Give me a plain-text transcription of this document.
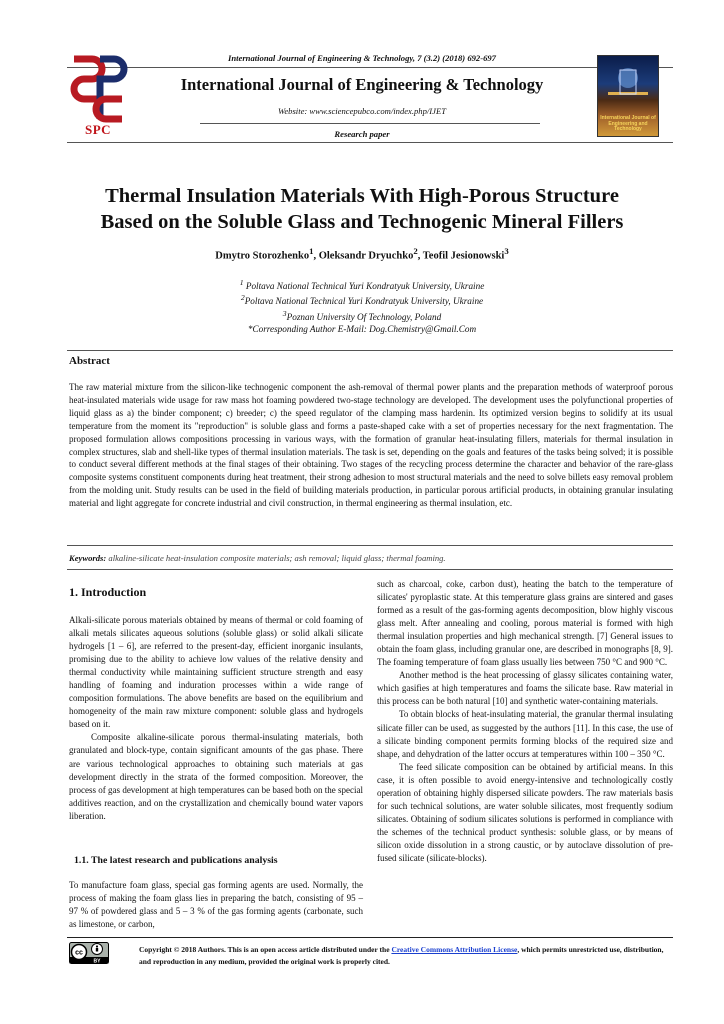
International Journal of Engineering & Technology, 7 (3.2) (2018) 692-697
International Journal of Engineering & Technology
Website: www.sciencepubco.com/index.php/IJET
Research paper
SPC
International Journal of Engineering and Technology
Thermal Insulation Materials With High-Porous Structure
Based on the Soluble Glass and Technogenic Mineral Fillers
Dmytro Storozhenko$^1$, Oleksandr Dryuchko$^2$, Teofil Jesionowski$^3$
$^1$ Poltava National Technical Yuri Kondratyuk University, Ukraine
$^2$Poltava National Technical Yuri Kondratyuk University, Ukraine
$^3$Poznan University Of Technology, Poland
*Corresponding Author E-Mail: Dog.Chemistry@Gmail.Com
Abstract
The raw material mixture from the silicon-like technogenic component the ash-removal of thermal power plants and the preparation methods of waterproof porous heat-insulated materials wide usage for raw mass hot foaming powdered two-stage technology are developed. The development uses the polyfunctional properties of liquid glass as a) the binder component; c) breeder; c) the speed regulator of the clamping mass hardenin. Its optimized version begins to solidify at its usual temperature from the moment its "reproduction" is soluble glass and forms a paste-shaped cake with a set of properties necessary for the next fragmentation. The proposed formulation allows compositions processing in various ways, with the formation of granular heat-insulating fillers, materials for thermal insulation in complex structures, slab and shell-like types of thermal insulation materials. The task is set, depending on the goals and features of the tasks being solved; it is possible to conduct several different methods at the final stages of their obtaining. Two stages of the recycling process determine the character and behavior of the rare-glass composite systems constituent components during heat treatment, their strong adhesion to most structural materials and the need to solve billets easy removal problem from the molding unit. Study results can be used in the field of building materials production, in particular porous artificial products, in obtaining granular insulating material and light aggregate for concrete industrial and civil construction, in thermal engineering as thermal insulation, etc.
Keywords: alkaline-silicate heat-insulation composite materials; ash removal; liquid glass; thermal foaming.
1. Introduction

Alkali-silicate porous materials obtained by means of thermal or cold foaming of alkali metals silicates aqueous solutions (soluble glass) or solid alkali silicate hydrogels [1 – 6], are referred to the present-day, efficient inorganic insulants, promising due to the ability to achieve low values of the relative density and thermal conductivity while maintaining sufficient structure strength and easy handling of foaming and induration processes within a wide range of composition formulations. The above benefits are based on the equilibrium and homogeneity of the main raw mixture component: soluble glass and hydrogels based on it.

Composite alkaline-silicate porous thermal-insulating materials, both granulated and block-type, contain significant amounts of the gas phase. There are various technological approaches to obtaining such materials at gas development directly in the strata of the formed composition. Moreover, the process of gas development at high temperatures can be based both on the special additives reaction, and on the crystallization and chemically bound water vapors liberation.

1.1. The latest research and publications analysis

To manufacture foam glass, special gas forming agents are used. Normally, the process of making the foam glass lies in preparing the batch, consisting of 95 – 97 % of powdered glass and 5 – 3 % of the gas forming agents (carbonate, such as limestone, or carbon,

such as charcoal, coke, carbon dust), heating the batch to the temperature of silicates' pyroplastic state. At this temperature glass grains are sintered and gases formed as a result of the gas-forming agents decomposition, blow highly viscous glass melt. After annealing and cooling, porous material is formed with high thermal insulation properties and high mechanical strength. [7] General issues to obtain the foam glass, including granular one, are described in monographs [8, 9]. The foaming temperature of foam glass usually lies between 750 °C and 900 °C.

Another method is the heat processing of glassy silicates containing water, which gasifies at high temperatures and foams the silicate base. Raw material in this process can be both natural [10] and synthetic water-containing materials.

To obtain blocks of heat-insulating material, the granular thermal insulating silicate filler can be used, as suggested by the authors [11]. In this case, the use of a silicate binding component permits forming blocks of the required size and shape, and dehydration of the latter occurs at temperatures within 100 – 350 °C.

The feed silicate composition can be obtained by artificial means. In this case, it is often possible to avoid energy-intensive and technologically costly operation of obtaining highly dispersed silicate powders. The raw materials basis for such technical solutions, are water soluble silicates, most frequently sodium silicates. Obtaining of sodium silicates solutions is performed in compliance with the schemes of the technical product synthesis: soluble glass, or by means of silicon oxide dissolution in a strong caustic, or by autoclave dissolution of pre-fused silicate (silicate-blocks).

cc
BY
Copyright © 2018 Authors. This is an open access article distributed under the Creative Commons Attribution License, which permits unrestricted use, distribution, and reproduction in any medium, provided the original work is properly cited.
